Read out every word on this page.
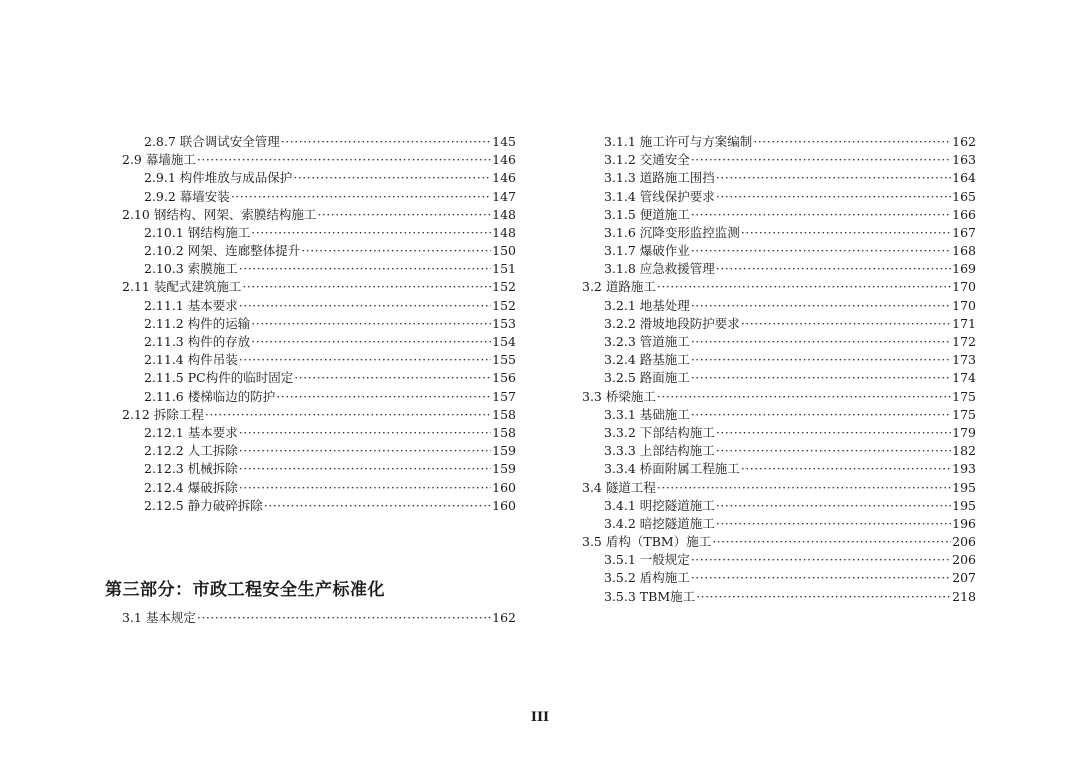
2.8.7 联合调试安全管理 ·····	145
2.9 幕墙施工 ·····	146
2.9.1 构件堆放与成品保护 ·····	146
2.9.2 幕墙安装 ·····	147
2.10 钢结构、网架、索膜结构施工 ·····	148
2.10.1 钢结构施工 ·····	148
2.10.2 网架、连廊整体提升 ·····	150
2.10.3 索膜施工 ·····	151
2.11 装配式建筑施工 ·····	152
2.11.1 基本要求 ·····	152
2.11.2 构件的运输 ·····	153
2.11.3 构件的存放 ·····	154
2.11.4 构件吊装 ·····	155
2.11.5 PC构件的临时固定 ·····	156
2.11.6 楼梯临边的防护 ·····	157
2.12 拆除工程 ·····	158
2.12.1 基本要求 ·····	158
2.12.2 人工拆除 ·····	159
2.12.3 机械拆除 ·····	159
2.12.4 爆破拆除 ·····	160
2.12.5 静力破碎拆除 ·····	160
第三部分：市政工程安全生产标准化
3.1 基本规定 ·····	162
3.1.1 施工许可与方案编制 ·····	162
3.1.2 交通安全 ·····	163
3.1.3 道路施工围挡 ·····	164
3.1.4 管线保护要求 ·····	165
3.1.5 便道施工 ·····	166
3.1.6 沉降变形监控监测 ·····	167
3.1.7 爆破作业 ·····	168
3.1.8 应急救援管理 ·····	169
3.2 道路施工 ·····	170
3.2.1 地基处理 ·····	170
3.2.2 滑坡地段防护要求 ·····	171
3.2.3 管道施工 ·····	172
3.2.4 路基施工 ·····	173
3.2.5 路面施工 ·····	174
3.3 桥梁施工 ·····	175
3.3.1 基础施工 ·····	175
3.3.2 下部结构施工 ·····	179
3.3.3 上部结构施工 ·····	182
3.3.4 桥面附属工程施工 ·····	193
3.4 隧道工程 ·····	195
3.4.1 明挖隧道施工 ·····	195
3.4.2 暗挖隧道施工 ·····	196
3.5 盾构（TBM）施工 ·····	206
3.5.1 一般规定 ·····	206
3.5.2 盾构施工 ·····	207
3.5.3 TBM施工 ·····	218
III
